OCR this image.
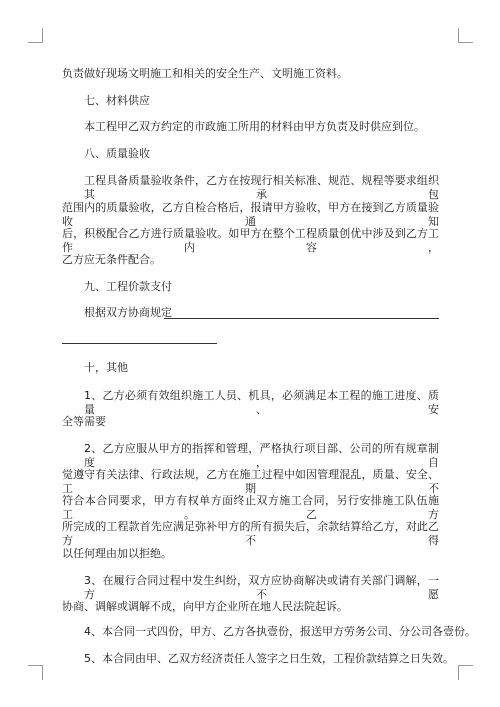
负责做好现场文明施工和相关的安全生产、文明施工资料。
七、材料供应
本工程甲乙双方约定的市政施工所用的材料由甲方负责及时供应到位。
八、质量验收
工程具备质量验收条件，乙方在按现行相关标准、规范、规程等要求组织其承包
范围内的质量验收，乙方自检合格后，报请甲方验收，甲方在接到乙方质量验收通知
后，积极配合乙方进行质量验收。如甲方在整个工程质量创优中涉及到乙方工作内容，
乙方应无条件配合。
九、工程价款支付
根据双方协商规定
十，其他
1、乙方必须有效组织施工人员、机具，必须满足本工程的施工进度、质量、安
全等需要
2、乙方应服从甲方的指挥和管理，严格执行项目部、公司的所有规章制度，自
觉遵守有关法律、行政法规，乙方在施工过程中如因管理混乱，质量、安全、工期不
符合本合同要求，甲方有权单方面终止双方施工合同，另行安排施工队伍施工。乙方
所完成的工程款首先应满足弥补甲方的所有损失后，余款结算给乙方，对此乙方不得
以任何理由加以拒绝。
3、在履行合同过程中发生纠纷，双方应协商解决或请有关部门调解，一方不愿
协商、调解或调解不成，向甲方企业所在地人民法院起诉。
4、本合同一式四份，甲方、乙方各执壹份，报送甲方劳务公司、分公司各壹份。
5、本合同由甲、乙双方经济责任人签字之日生效，工程价款结算之日失效。
